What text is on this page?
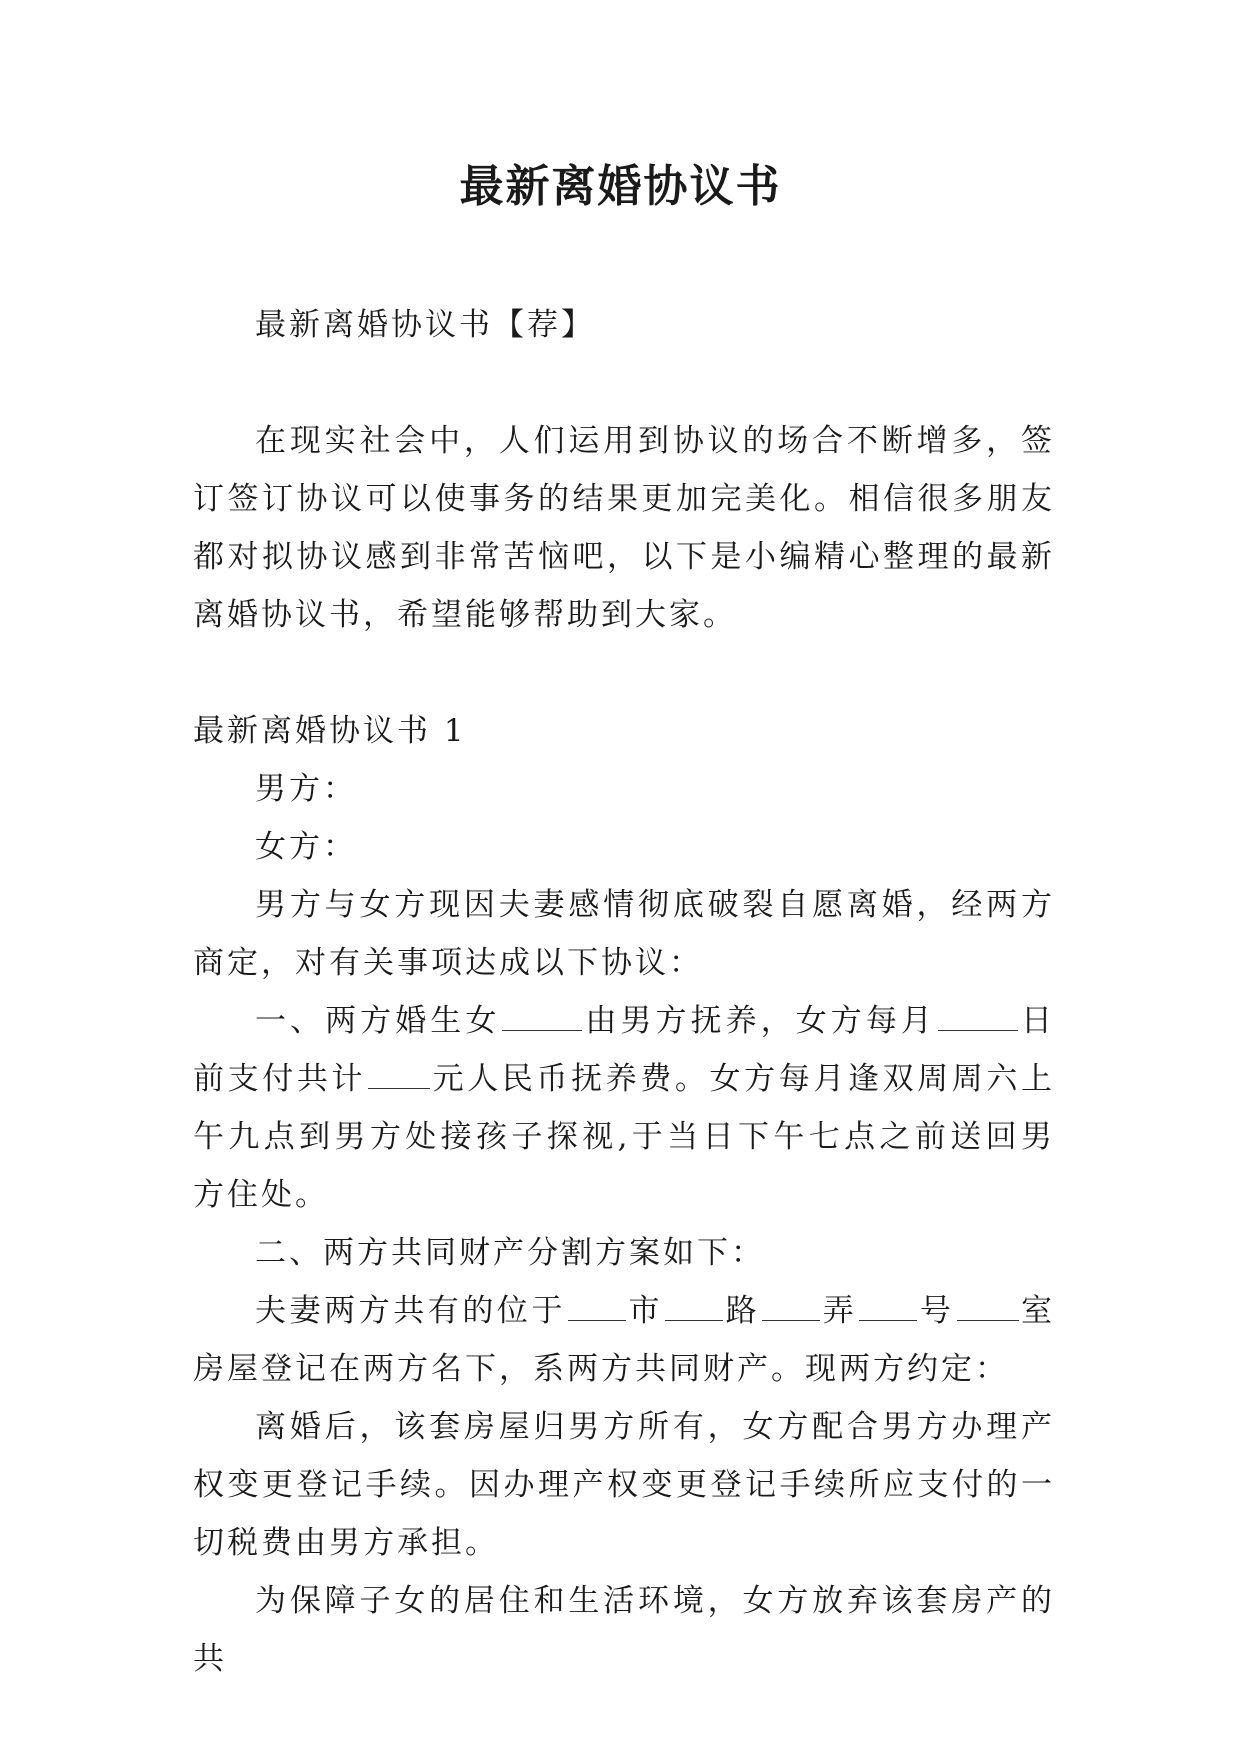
最新离婚协议书

最新离婚协议书【荐】

在现实社会中，人们运用到协议的场合不断增多，签订签订协议可以使事务的结果更加完美化。相信很多朋友都对拟协议感到非常苦恼吧，以下是小编精心整理的最新离婚协议书，希望能够帮助到大家。

最新离婚协议书 1

男方：

女方：

男方与女方现因夫妻感情彻底破裂自愿离婚，经两方商定，对有关事项达成以下协议：

一、两方婚生女	由男方抚养，女方每月	日前支付共计 元人民币抚养费。女方每月逢双周周六上午九点到男方处接孩子探视,于当日下午七点之前送回男方住处。

二、两方共同财产分割方案如下：

夫妻两方共有的位于 市 路 弄 号 室房屋登记在两方名下，系两方共同财产。现两方约定：

离婚后，该套房屋归男方所有，女方配合男方办理产权变更登记手续。因办理产权变更登记手续所应支付的一切税费由男方承担。

为保障子女的居住和生活环境，女方放弃该套房产的共
